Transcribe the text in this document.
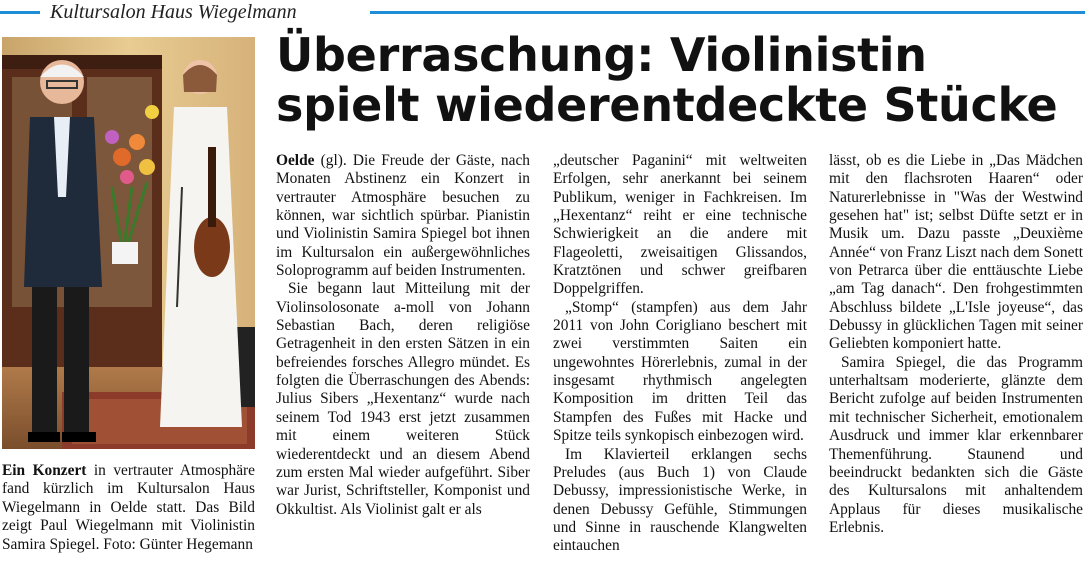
Kultursalon Haus Wiegelmann
Überraschung: Violinistin
spielt wiederentdeckte Stücke

Ein Konzert in vertrauter Atmosphäre fand kürzlich im Kultursalon Haus Wiegelmann in Oelde statt. Das Bild zeigt Paul Wiegelmann mit Violinistin Samira Spiegel. Foto: Günter Hegemann

Oelde (gl). Die Freude der Gäste, nach Monaten Abstinenz ein Konzert in vertrauter Atmosphäre besuchen zu können, war sichtlich spürbar. Pianistin und Violinistin Samira Spiegel bot ihnen im Kultursalon ein außergewöhnliches Soloprogramm auf beiden Instrumenten.

Sie begann laut Mitteilung mit der Violinsolosonate a-moll von Johann Sebastian Bach, deren religiöse Getragenheit in den ersten Sätzen in ein befreiendes forsches Allegro mündet. Es folgten die Überraschungen des Abends: Julius Sibers „Hexentanz“ wurde nach seinem Tod 1943 erst jetzt zusammen mit einem weiteren Stück wiederentdeckt und an diesem Abend zum ersten Mal wieder aufgeführt. Siber war Jurist, Schriftsteller, Komponist und Okkultist. Als Violinist galt er als

„deutscher Paganini“ mit weltweiten Erfolgen, sehr anerkannt bei seinem Publikum, weniger in Fachkreisen. Im „Hexentanz“ reiht er eine technische Schwierigkeit an die andere mit Flageoletti, zweisaitigen Glissandos, Kratztönen und schwer greifbaren Doppelgriffen.

„Stomp“ (stampfen) aus dem Jahr 2011 von John Corigliano beschert mit zwei verstimmten Saiten ein ungewohntes Hörerlebnis, zumal in der insgesamt rhythmisch angelegten Komposition im dritten Teil das Stampfen des Fußes mit Hacke und Spitze teils synkopisch einbezogen wird.

Im Klavierteil erklangen sechs Preludes (aus Buch 1) von Claude Debussy, impressionistische Werke, in denen Debussy Gefühle, Stimmungen und Sinne in rauschende Klangwelten eintauchen

lässt, ob es die Liebe in „Das Mädchen mit den flachsroten Haaren“ oder Naturerlebnisse in "Was der Westwind gesehen hat" ist; selbst Düfte setzt er in Musik um. Dazu passte „Deuxième Année“ von Franz Liszt nach dem Sonett von Petrarca über die enttäuschte Liebe „am Tag danach“. Den frohgestimmten Abschluss bildete „L'Isle joyeuse“, das Debussy in glücklichen Tagen mit seiner Geliebten komponiert hatte.

Samira Spiegel, die das Programm unterhaltsam moderierte, glänzte dem Bericht zufolge auf beiden Instrumenten mit technischer Sicherheit, emotionalem Ausdruck und immer klar erkennbarer Themenführung. Staunend und beeindruckt bedankten sich die Gäste des Kultursalons mit anhaltendem Applaus für dieses musikalische Erlebnis.
